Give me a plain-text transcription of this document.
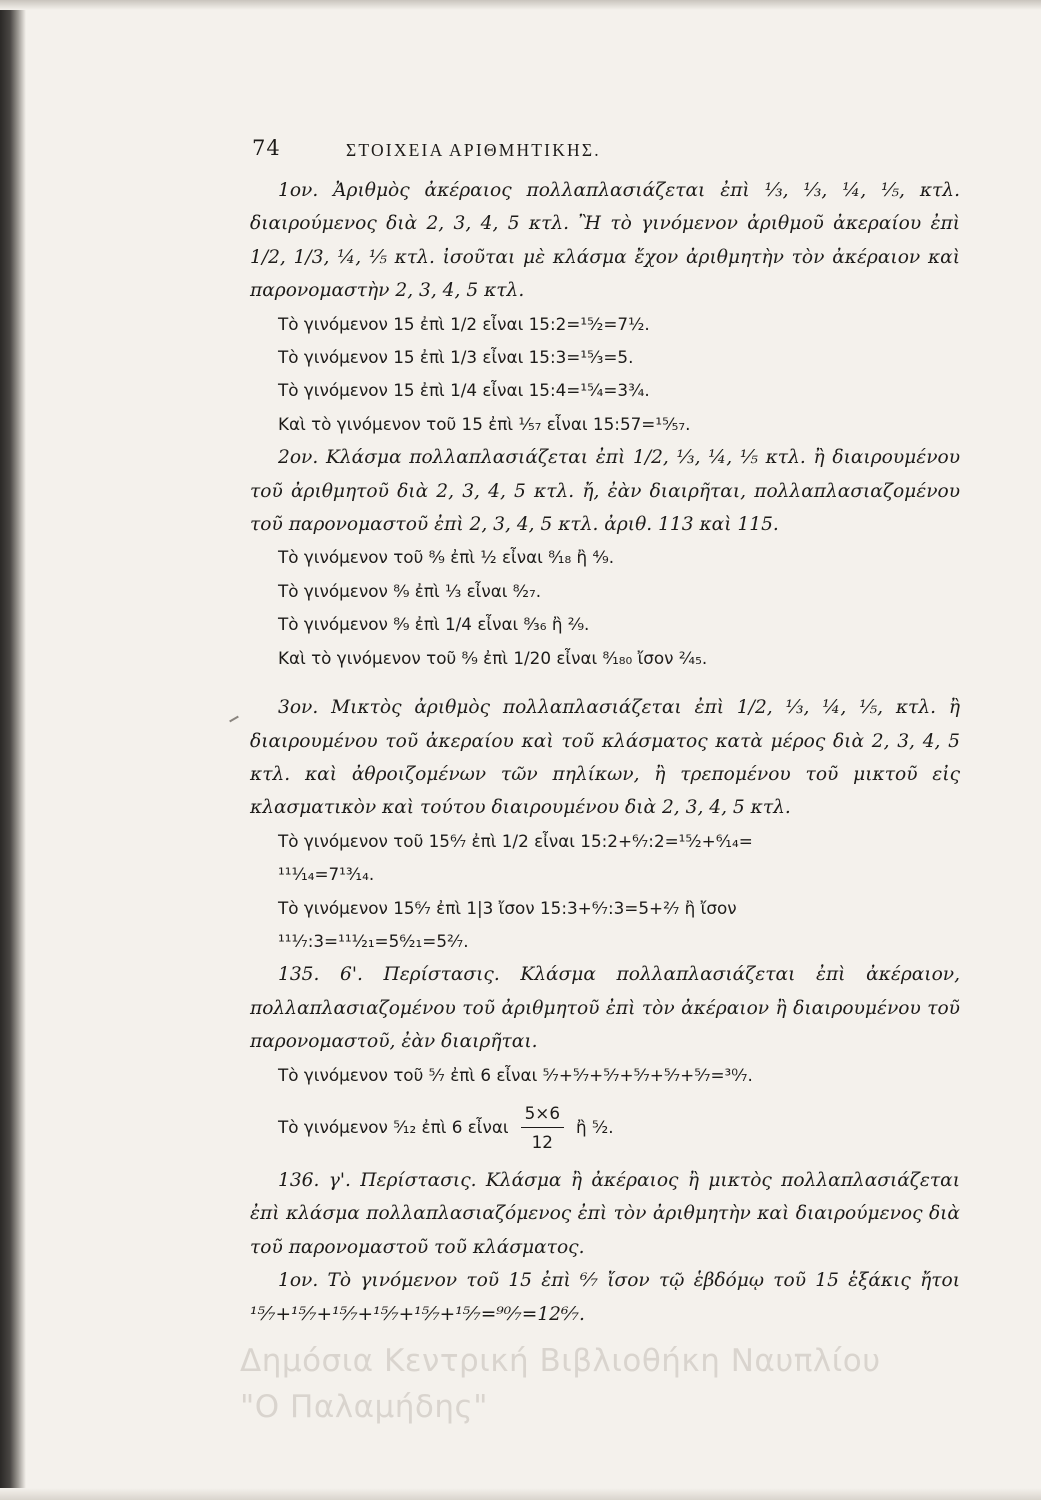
74	ΣΤΟΙΧΕΙΑ ΑΡΙΘΜΗΤΙΚΗΣ.

1ον. Ἀριθμὸς ἀκέραιος πολλαπλασιάζεται ἐπὶ ⅓, ⅓, ¼, ⅕, κτλ. διαιρούμενος διὰ 2, 3, 4, 5 κτλ. Ἢ τὸ γινόμενον ἀριθμοῦ ἀκεραίου ἐπὶ 1/2, 1/3, ¼, ⅕ κτλ. ἰσοῦται μὲ κλάσμα ἔχον ἀριθμητὴν τὸν ἀκέραιον καὶ παρονομαστὴν 2, 3, 4, 5 κτλ.

Τὸ γινόμενον 15 ἐπὶ 1/2 εἶναι 15:2=¹⁵⁄₂=7½.

Τὸ γινόμενον 15 ἐπὶ 1/3 εἶναι 15:3=¹⁵⁄₃=5.

Τὸ γινόμενον 15 ἐπὶ 1/4 εἶναι 15:4=¹⁵⁄₄=3¾.

Καὶ τὸ γινόμενον τοῦ 15 ἐπὶ ¹⁄₅₇ εἶναι 15:57=¹⁵⁄₅₇.

2ον. Κλάσμα πολλαπλασιάζεται ἐπὶ 1/2, ⅓, ¼, ⅕ κτλ. ἢ διαιρουμένου τοῦ ἀριθμητοῦ διὰ 2, 3, 4, 5 κτλ. ἤ, ἐὰν διαιρῆται, πολλαπλασιαζομένου τοῦ παρονομαστοῦ ἐπὶ 2, 3, 4, 5 κτλ. ἀριθ. 113 καὶ 115.

Τὸ γινόμενον τοῦ ⁸⁄₉ ἐπὶ ½ εἶναι ⁸⁄₁₈ ἢ ⁴⁄₉.

Τὸ γινόμενον ⁸⁄₉ ἐπὶ ⅓ εἶναι ⁸⁄₂₇.

Τὸ γινόμενον ⁸⁄₉ ἐπὶ 1/4 εἶναι ⁸⁄₃₆ ἢ ²⁄₉.

Καὶ τὸ γινόμενον τοῦ ⁸⁄₉ ἐπὶ 1/20 εἶναι ⁸⁄₁₈₀ ἴσον ²⁄₄₅.

3ον. Μικτὸς ἀριθμὸς πολλαπλασιάζεται ἐπὶ 1/2, ⅓, ¼, ⅕, κτλ. ἢ διαιρουμένου τοῦ ἀκεραίου καὶ τοῦ κλάσματος κατὰ μέρος διὰ 2, 3, 4, 5 κτλ. καὶ ἀθροιζομένων τῶν πηλίκων, ἢ τρεπομένου τοῦ μικτοῦ εἰς κλασματικὸν καὶ τούτου διαιρουμένου διὰ 2, 3, 4, 5 κτλ.

Τὸ γινόμενον τοῦ 15⁶⁄₇ ἐπὶ 1/2 εἶναι 15:2+⁶⁄₇:2=¹⁵⁄₂+⁶⁄₁₄=

¹¹¹⁄₁₄=7¹³⁄₁₄.

Τὸ γινόμενον 15⁶⁄₇ ἐπὶ 1|3 ἴσον 15:3+⁶⁄₇:3=5+²⁄₇ ἢ ἴσον

¹¹¹⁄₇:3=¹¹¹⁄₂₁=5⁶⁄₂₁=5²⁄₇.

135. 6'. Περίστασις. Κλάσμα πολλαπλασιάζεται ἐπὶ ἀκέραιον, πολλαπλασιαζομένου τοῦ ἀριθμητοῦ ἐπὶ τὸν ἀκέραιον ἢ διαιρουμένου τοῦ παρονομαστοῦ, ἐὰν διαιρῆται.

Τὸ γινόμενον τοῦ ⁵⁄₇ ἐπὶ 6 εἶναι ⁵⁄₇+⁵⁄₇+⁵⁄₇+⁵⁄₇+⁵⁄₇+⁵⁄₇=³⁰⁄₇.

Τὸ γινόμενον ⁵⁄₁₂ ἐπὶ 6 εἶναι $\frac{5\times 6}{12}$ ἢ ⁵⁄₂.

136. γ'. Περίστασις. Κλάσμα ἢ ἀκέραιος ἢ μικτὸς πολλαπλασιάζεται ἐπὶ κλάσμα πολλαπλασιαζόμενος ἐπὶ τὸν ἀριθμητὴν καὶ διαιρούμενος διὰ τοῦ παρονομαστοῦ τοῦ κλάσματος.

1ον. Τὸ γινόμενον τοῦ 15 ἐπὶ ⁶⁄₇ ἴσον τῷ ἑβδόμῳ τοῦ 15 ἑξάκις ἤτοι ¹⁵⁄₇+¹⁵⁄₇+¹⁵⁄₇+¹⁵⁄₇+¹⁵⁄₇+¹⁵⁄₇=⁹⁰⁄₇=12⁶⁄₇.

Δημόσια Κεντρική Βιβλιοθήκη Ναυπλίου
"Ο Παλαμήδης"
